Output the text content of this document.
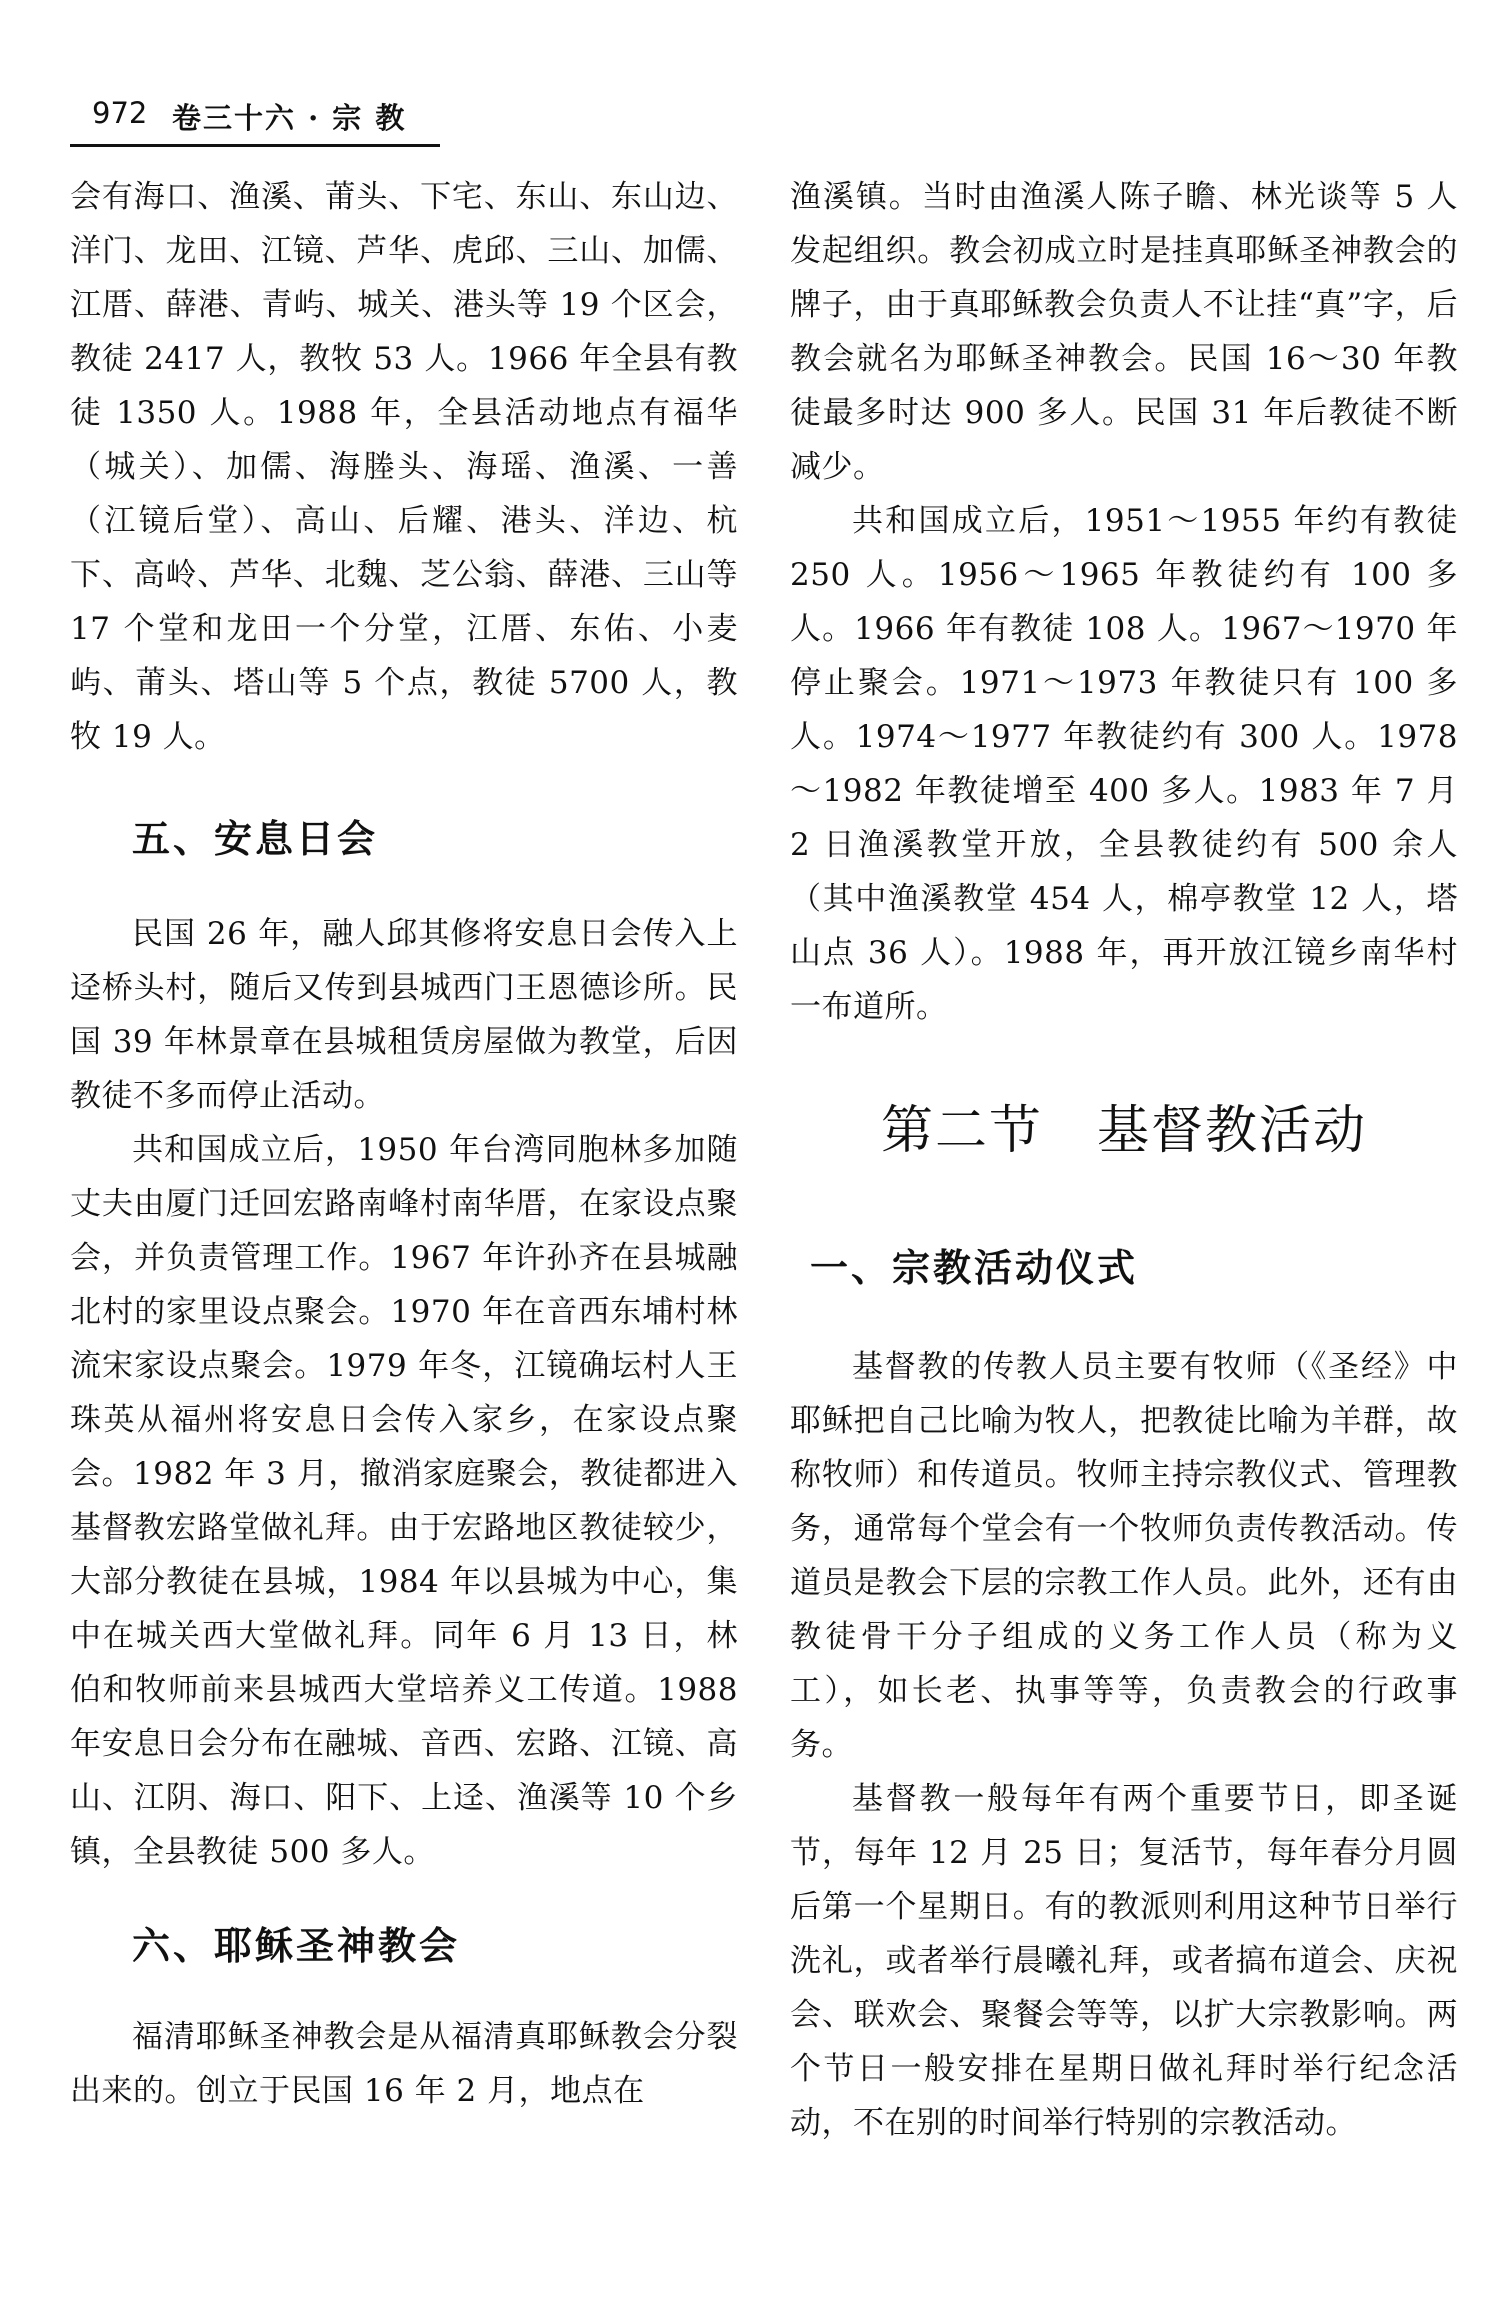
972 卷三十六 · 宗 教

会有海口、渔溪、莆头、下宅、东山、东山边、洋门、龙田、江镜、芦华、虎邱、三山、加儒、江厝、薛港、青屿、城关、港头等 19 个区会，教徒 2417 人，教牧 53 人。1966 年全县有教徒 1350 人。1988 年，全县活动地点有福华（城关）、加儒、海塍头、海瑶、渔溪、一善（江镜后堂）、高山、后耀、港头、洋边、杭下、高岭、芦华、北魏、芝公翁、薛港、三山等 17 个堂和龙田一个分堂，江厝、东佑、小麦屿、莆头、塔山等 5 个点，教徒 5700 人，教牧 19 人。

五、安息日会

民国 26 年，融人邱其修将安息日会传入上迳桥头村，随后又传到县城西门王恩德诊所。民国 39 年林景章在县城租赁房屋做为教堂，后因教徒不多而停止活动。

共和国成立后，1950 年台湾同胞林多加随丈夫由厦门迁回宏路南峰村南华厝，在家设点聚会，并负责管理工作。1967 年许孙齐在县城融北村的家里设点聚会。1970 年在音西东埔村林流宋家设点聚会。1979 年冬，江镜确坛村人王珠英从福州将安息日会传入家乡，在家设点聚会。1982 年 3 月，撤消家庭聚会，教徒都进入基督教宏路堂做礼拜。由于宏路地区教徒较少，大部分教徒在县城，1984 年以县城为中心，集中在城关西大堂做礼拜。同年 6 月 13 日，林伯和牧师前来县城西大堂培养义工传道。1988 年安息日会分布在融城、音西、宏路、江镜、高山、江阴、海口、阳下、上迳、渔溪等 10 个乡镇，全县教徒 500 多人。

六、耶稣圣神教会

福清耶稣圣神教会是从福清真耶稣教会分裂出来的。创立于民国 16 年 2 月，地点在

渔溪镇。当时由渔溪人陈子瞻、林光谈等 5 人发起组织。教会初成立时是挂真耶稣圣神教会的牌子，由于真耶稣教会负责人不让挂“真”字，后教会就名为耶稣圣神教会。民国 16～30 年教徒最多时达 900 多人。民国 31 年后教徒不断减少。

共和国成立后，1951～1955 年约有教徒 250 人。1956～1965 年教徒约有 100 多人。1966 年有教徒 108 人。1967～1970 年停止聚会。1971～1973 年教徒只有 100 多人。1974～1977 年教徒约有 300 人。1978～1982 年教徒增至 400 多人。1983 年 7 月 2 日渔溪教堂开放，全县教徒约有 500 余人（其中渔溪教堂 454 人，棉亭教堂 12 人，塔山点 36 人）。1988 年，再开放江镜乡南华村一布道所。

第二节　基督教活动
一、宗教活动仪式

基督教的传教人员主要有牧师（《圣经》中耶稣把自己比喻为牧人，把教徒比喻为羊群，故称牧师）和传道员。牧师主持宗教仪式、管理教务，通常每个堂会有一个牧师负责传教活动。传道员是教会下层的宗教工作人员。此外，还有由教徒骨干分子组成的义务工作人员（称为义工），如长老、执事等等，负责教会的行政事务。

基督教一般每年有两个重要节日，即圣诞节，每年 12 月 25 日；复活节，每年春分月圆后第一个星期日。有的教派则利用这种节日举行洗礼，或者举行晨曦礼拜，或者搞布道会、庆祝会、联欢会、聚餐会等等，以扩大宗教影响。两个节日一般安排在星期日做礼拜时举行纪念活动，不在别的时间举行特别的宗教活动。
